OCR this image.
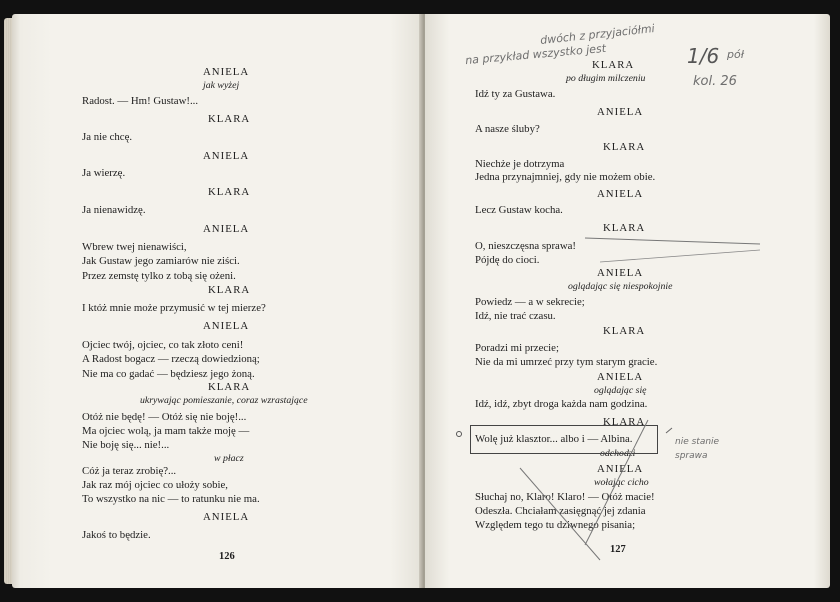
ANIELA
jak wyżej
Radost. — Hm! Gustaw!...
KLARA
Ja nie chcę.
ANIELA
Ja wierzę.
KLARA
Ja nienawidzę.
ANIELA
Wbrew twej nienawiści,
Jak Gustaw jego zamiarów nie ziści.
Przez zemstę tylko z tobą się ożeni.
KLARA
I któż mnie może przymusić w tej mierze?
ANIELA
Ojciec twój, ojciec, co tak złoto ceni!
A Radost bogacz — rzeczą dowiedzioną;
Nie ma co gadać — będziesz jego żoną.
KLARA
ukrywając pomieszanie, coraz wzrastające
Otóż nie będę! — Otóż się nie boję!...
Ma ojciec wolą, ja mam także moję —
Nie boję się... nie!...
w płacz
Cóż ja teraz zrobię?...
Jak raz mój ojciec co ułoży sobie,
To wszystko na nic — to ratunku nie ma.
ANIELA
Jakoś to będzie.
126
KLARA
po długim milczeniu
Idź ty za Gustawa.
ANIELA
A nasze śluby?
KLARA
Niechże je dotrzyma
Jedna przynajmniej, gdy nie możem obie.
ANIELA
Lecz Gustaw kocha.
KLARA
O, nieszczęsna sprawa!
Pójdę do cioci.
ANIELA
oglądając się niespokojnie
Powiedz — a w sekrecie;
Idź, nie trać czasu.
KLARA
Poradzi mi przecie;
Nie da mi umrzeć przy tym starym gracie.
ANIELA
oglądając się
Idź, idź, zbyt droga każda nam godzina.
KLARA
Wolę już klasztor... albo i — Albina.
odchodzi
ANIELA
wołając cicho
Słuchaj no, Klaro! Klaro! — Otóż macie!
Odeszła. Chciałam zasięgnąć jej zdania
Względem tego tu dziwnego pisania;
127
dwóch z przyjaciółmi
na przykład wszystko jest	1/6 pół
kol. 26
nie stanie
sprawa
